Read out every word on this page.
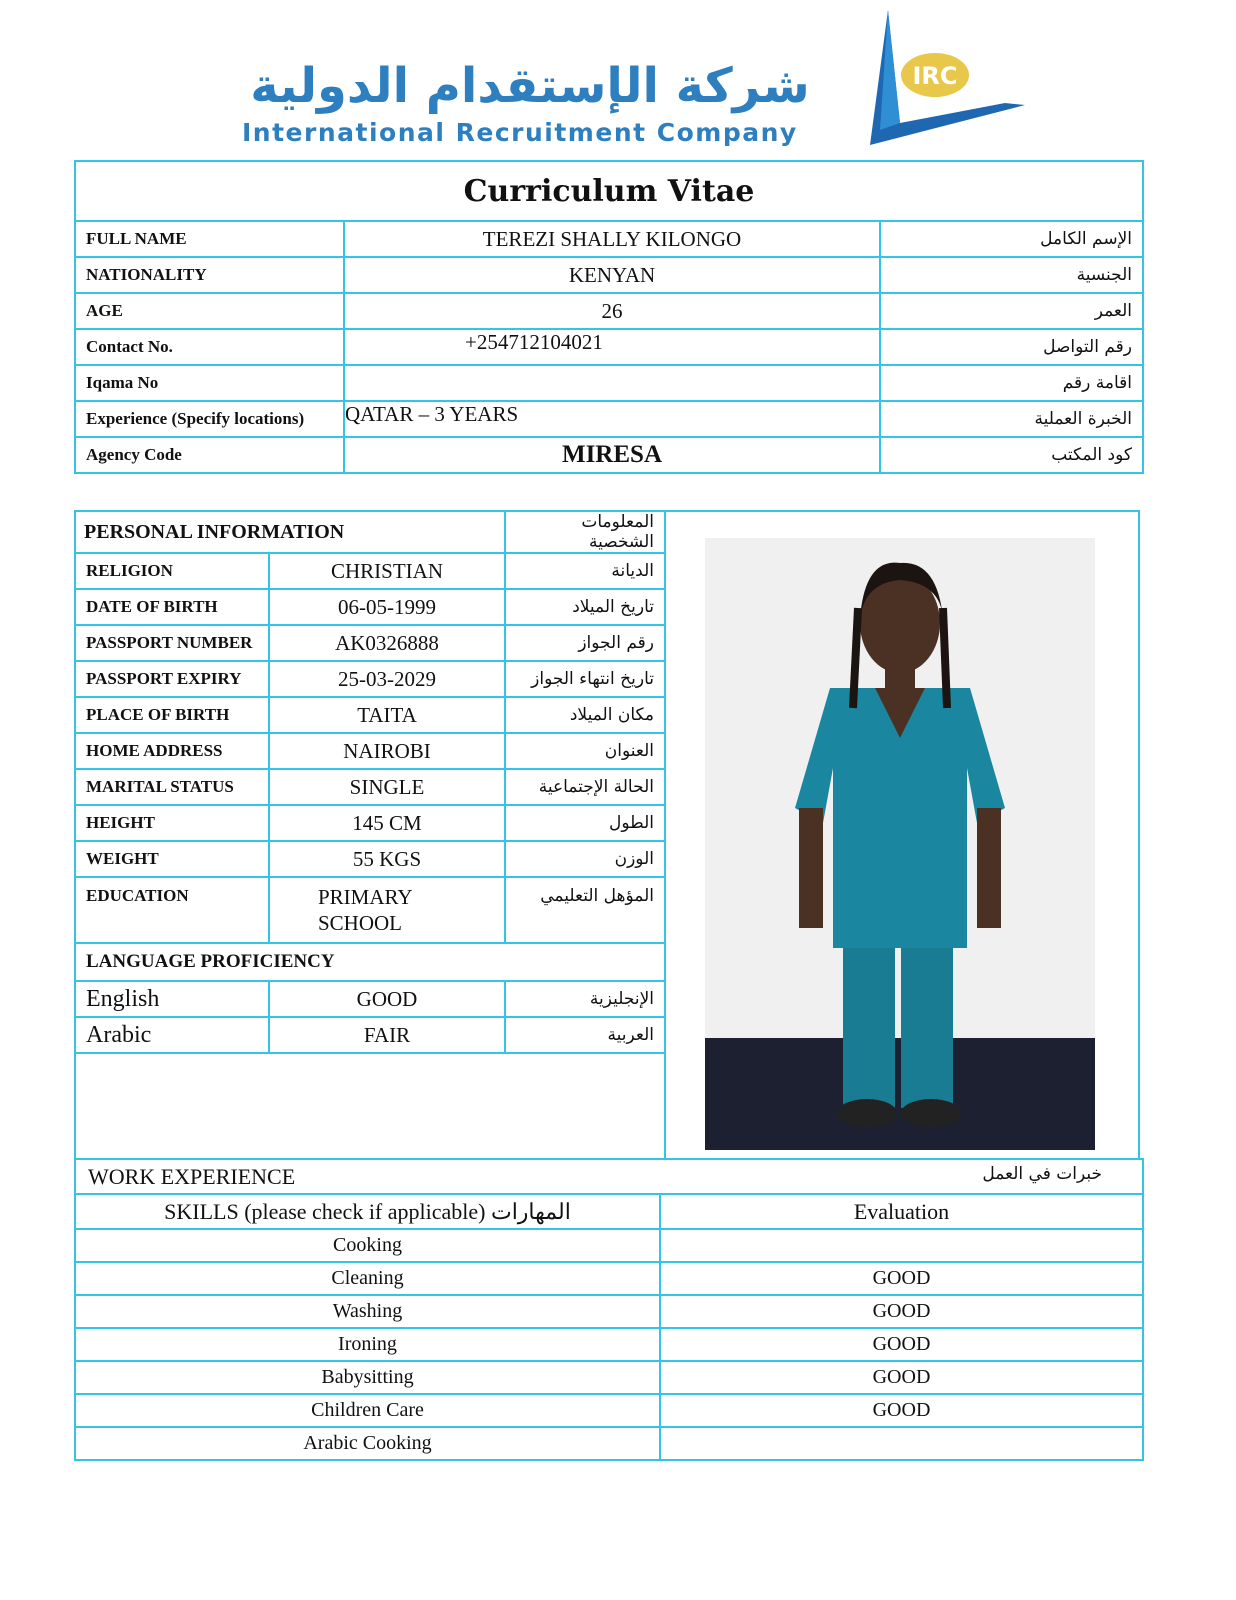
شركة الإستقدام الدولية
International Recruitment Company
IRC
Curriculum Vitae		
FULL NAME	TEREZI SHALLY KILONGO	الإسم الكامل
NATIONALITY	KENYAN	الجنسية
AGE	26	العمر
Contact No.	+254712104021	رقم التواصل
Iqama No		اقامة رقم
Experience (Specify locations)	QATAR – 3 YEARS	الخبرة العملية
Agency Code	MIRESA	كود المكتب
PERSONAL INFORMATION		المعلومات الشخصية
RELIGION	CHRISTIAN	الديانة
DATE OF BIRTH	06-05-1999	تاريخ الميلاد
PASSPORT NUMBER	AK0326888	رقم الجواز
PASSPORT EXPIRY	25-03-2029	تاريخ انتهاء الجواز
PLACE OF BIRTH	TAITA	مكان الميلاد
HOME ADDRESS	NAIROBI	العنوان
MARITAL STATUS	SINGLE	الحالة الإجتماعية
HEIGHT	145 CM	الطول
WEIGHT	55 KGS	الوزن
EDUCATION	PRIMARY SCHOOL	المؤهل التعليمي
LANGUAGE PROFICIENCY		
English	GOOD	الإنجليزية
Arabic	FAIR	العربية
WORK EXPERIENCE خبرات في العمل	

SKILLS (please check if applicable) المهارات	Evaluation
Cooking	
Cleaning	GOOD
Washing	GOOD
Ironing	GOOD
Babysitting	GOOD
Children Care	GOOD
Arabic Cooking	
